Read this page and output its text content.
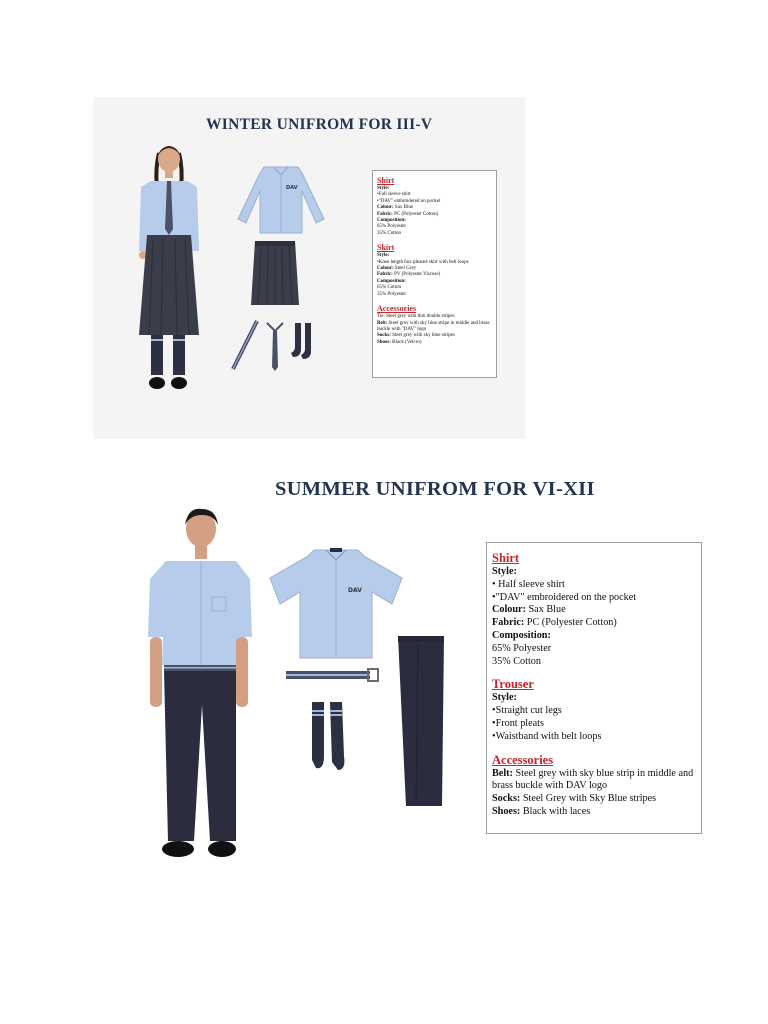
WINTER UNIFROM FOR III-V
DAV
Shirt
Style:
•Full sleeve shirt
•"DAV" embroidered on pocket
Colour: Sax Blue
Fabric: PC (Polyester Cotton)
Composition:
65% Polyester
35% Cotton
Skirt
Style:
•Knee length box pleated skirt with belt loops
Colour: Steel Grey
Fabric: PV (Polyester Viscose)
Composition:
65% Cotton
35% Polyester
Accessories
Tie: Steel grey with thin double stripes
Belt: Steel grey with sky blue stripe in middle and brass buckle with "DAV" logo
Socks: Steel grey with sky blue stripes
Shoes: Black (Velcro)
SUMMER UNIFROM FOR VI-XII
DAV
Shirt
Style:
• Half sleeve shirt
•"DAV" embroidered on the pocket
Colour: Sax Blue
Fabric: PC (Polyester Cotton)
Composition:
65% Polyester
35% Cotton
Trouser
Style:
•Straight cut legs
•Front pleats
•Waistband with belt loops
Accessories
Belt: Steel grey with sky blue strip in middle and brass buckle with DAV logo
Socks: Steel Grey with Sky Blue stripes
Shoes: Black with laces
